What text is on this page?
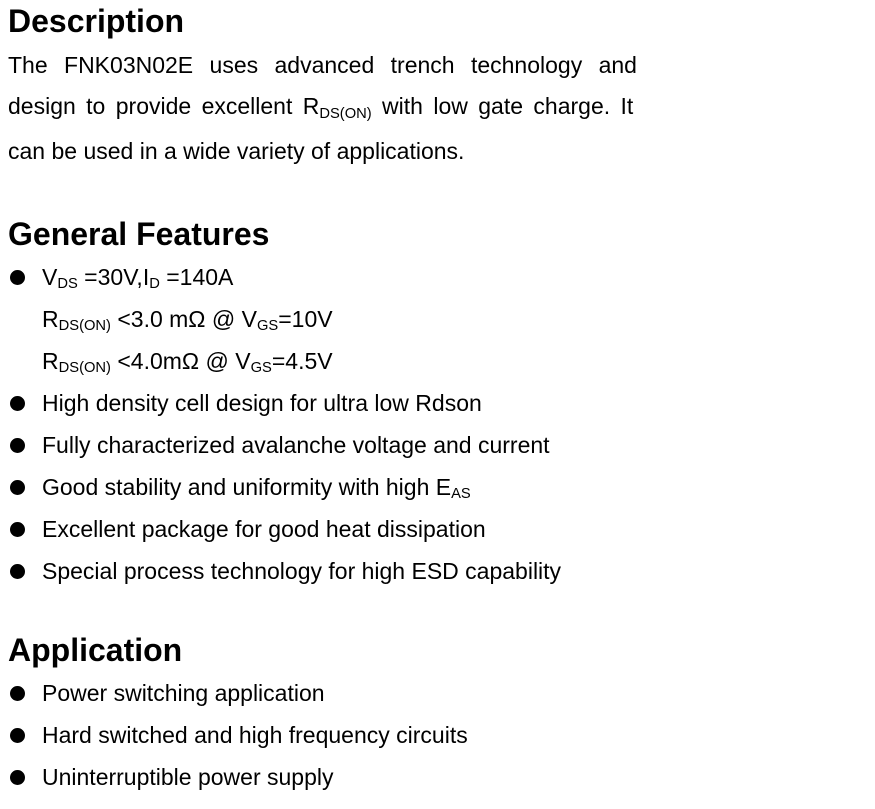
Description
The FNK03N02E uses advanced trench technology and
design to provide excellent RDS(ON) with low gate charge. It
can be used in a wide variety of applications.
General Features
VDS =30V,ID =140A
RDS(ON) <3.0 mΩ @ VGS=10V
RDS(ON) <4.0mΩ @ VGS=4.5V
High density cell design for ultra low Rdson
Fully characterized avalanche voltage and current
Good stability and uniformity with high EAS
Excellent package for good heat dissipation
Special process technology for high ESD capability
Application
Power switching application
Hard switched and high frequency circuits
Uninterruptible power supply
